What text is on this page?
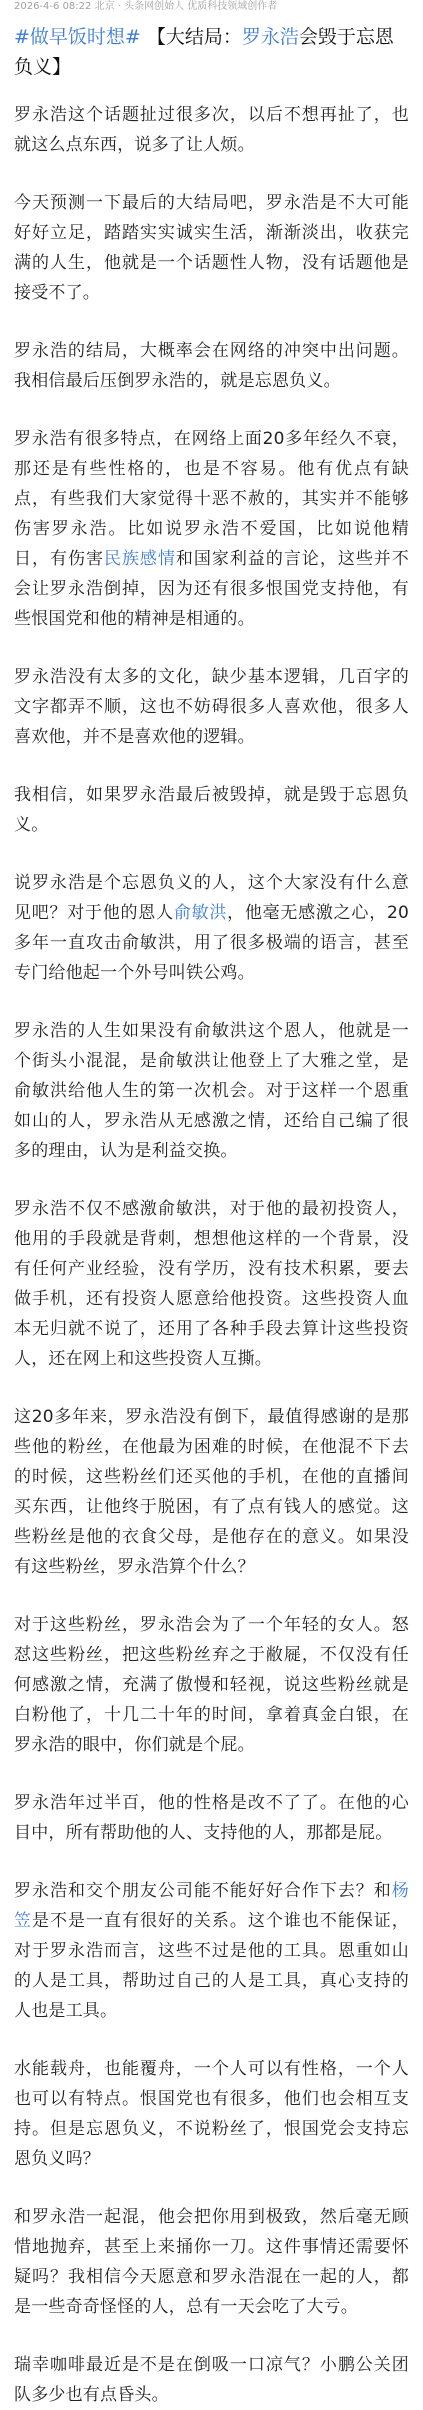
2026-4-6 08:22 北京 · 头条网创始人 优质科技领域创作者
#做早饭时想# 【大结局：罗永浩会毁于忘恩负义】
罗永浩这个话题扯过很多次，以后不想再扯了，也就这么点东西，说多了让人烦。
今天预测一下最后的大结局吧，罗永浩是不大可能好好立足，踏踏实实诚实生活，渐渐淡出，收获完满的人生，他就是一个话题性人物，没有话题他是接受不了。
罗永浩的结局，大概率会在网络的冲突中出问题。我相信最后压倒罗永浩的，就是忘恩负义。
罗永浩有很多特点，在网络上面20多年经久不衰，那还是有些性格的，也是不容易。他有优点有缺点，有些我们大家觉得十恶不赦的，其实并不能够伤害罗永浩。比如说罗永浩不爱国，比如说他精日，有伤害民族感情和国家利益的言论，这些并不会让罗永浩倒掉，因为还有很多恨国党支持他，有些恨国党和他的精神是相通的。
罗永浩没有太多的文化，缺少基本逻辑，几百字的文字都弄不顺，这也不妨碍很多人喜欢他，很多人喜欢他，并不是喜欢他的逻辑。
我相信，如果罗永浩最后被毁掉，就是毁于忘恩负义。
说罗永浩是个忘恩负义的人，这个大家没有什么意见吧？对于他的恩人俞敏洪，他毫无感激之心，20多年一直攻击俞敏洪，用了很多极端的语言，甚至专门给他起一个外号叫铁公鸡。
罗永浩的人生如果没有俞敏洪这个恩人，他就是一个街头小混混，是俞敏洪让他登上了大雅之堂，是俞敏洪给他人生的第一次机会。对于这样一个恩重如山的人，罗永浩从无感激之情，还给自己编了很多的理由，认为是利益交换。
罗永浩不仅不感激俞敏洪，对于他的最初投资人，他用的手段就是背刺，想想他这样的一个背景，没有任何产业经验，没有学历，没有技术积累，要去做手机，还有投资人愿意给他投资。这些投资人血本无归就不说了，还用了各种手段去算计这些投资人，还在网上和这些投资人互撕。
这20多年来，罗永浩没有倒下，最值得感谢的是那些他的粉丝，在他最为困难的时候，在他混不下去的时候，这些粉丝们还买他的手机，在他的直播间买东西，让他终于脱困，有了点有钱人的感觉。这些粉丝是他的衣食父母，是他存在的意义。如果没有这些粉丝，罗永浩算个什么？
对于这些粉丝，罗永浩会为了一个年轻的女人。怒怼这些粉丝，把这些粉丝弃之于敝屣，不仅没有任何感激之情，充满了傲慢和轻视，说这些粉丝就是白粉他了，十几二十年的时间，拿着真金白银，在罗永浩的眼中，你们就是个屁。
罗永浩年过半百，他的性格是改不了了。在他的心目中，所有帮助他的人、支持他的人，那都是屁。
罗永浩和交个朋友公司能不能好好合作下去？和杨笠是不是一直有很好的关系。这个谁也不能保证，对于罗永浩而言，这些不过是他的工具。恩重如山的人是工具，帮助过自己的人是工具，真心支持的人也是工具。
水能载舟，也能覆舟，一个人可以有性格，一个人也可以有特点。恨国党也有很多，他们也会相互支持。但是忘恩负义，不说粉丝了，恨国党会支持忘恩负义吗？
和罗永浩一起混，他会把你用到极致，然后毫无顾惜地抛弃，甚至上来捅你一刀。这件事情还需要怀疑吗？我相信今天愿意和罗永浩混在一起的人，都是一些奇奇怪怪的人，总有一天会吃了大亏。
瑞幸咖啡最近是不是在倒吸一口凉气？小鹏公关团队多少也有点昏头。
